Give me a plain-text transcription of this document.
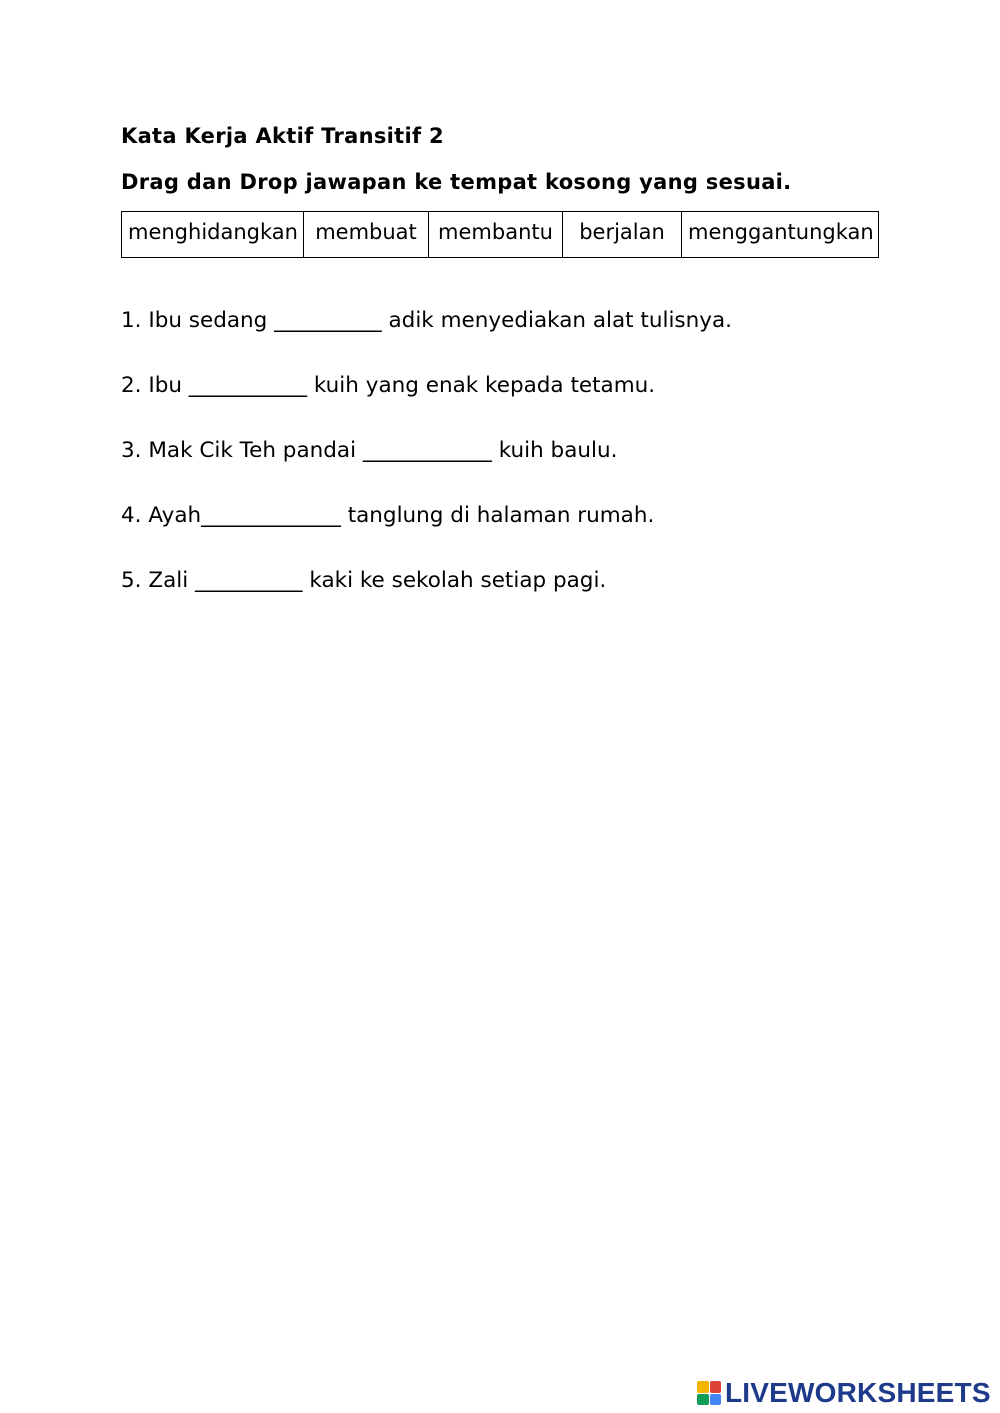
Kata Kerja Aktif Transitif 2

Drag dan Drop jawapan ke tempat kosong yang sesuai.

menghidangkan	membuat	membantu	berjalan	menggantungkan

1. Ibu sedang __________ adik menyediakan alat tulisnya.

2. Ibu ___________ kuih yang enak kepada tetamu.

3. Mak Cik Teh pandai ____________ kuih baulu.

4. Ayah_____________ tanglung di halaman rumah.

5. Zali __________ kaki ke sekolah setiap pagi.

LIVEWORKSHEETS
